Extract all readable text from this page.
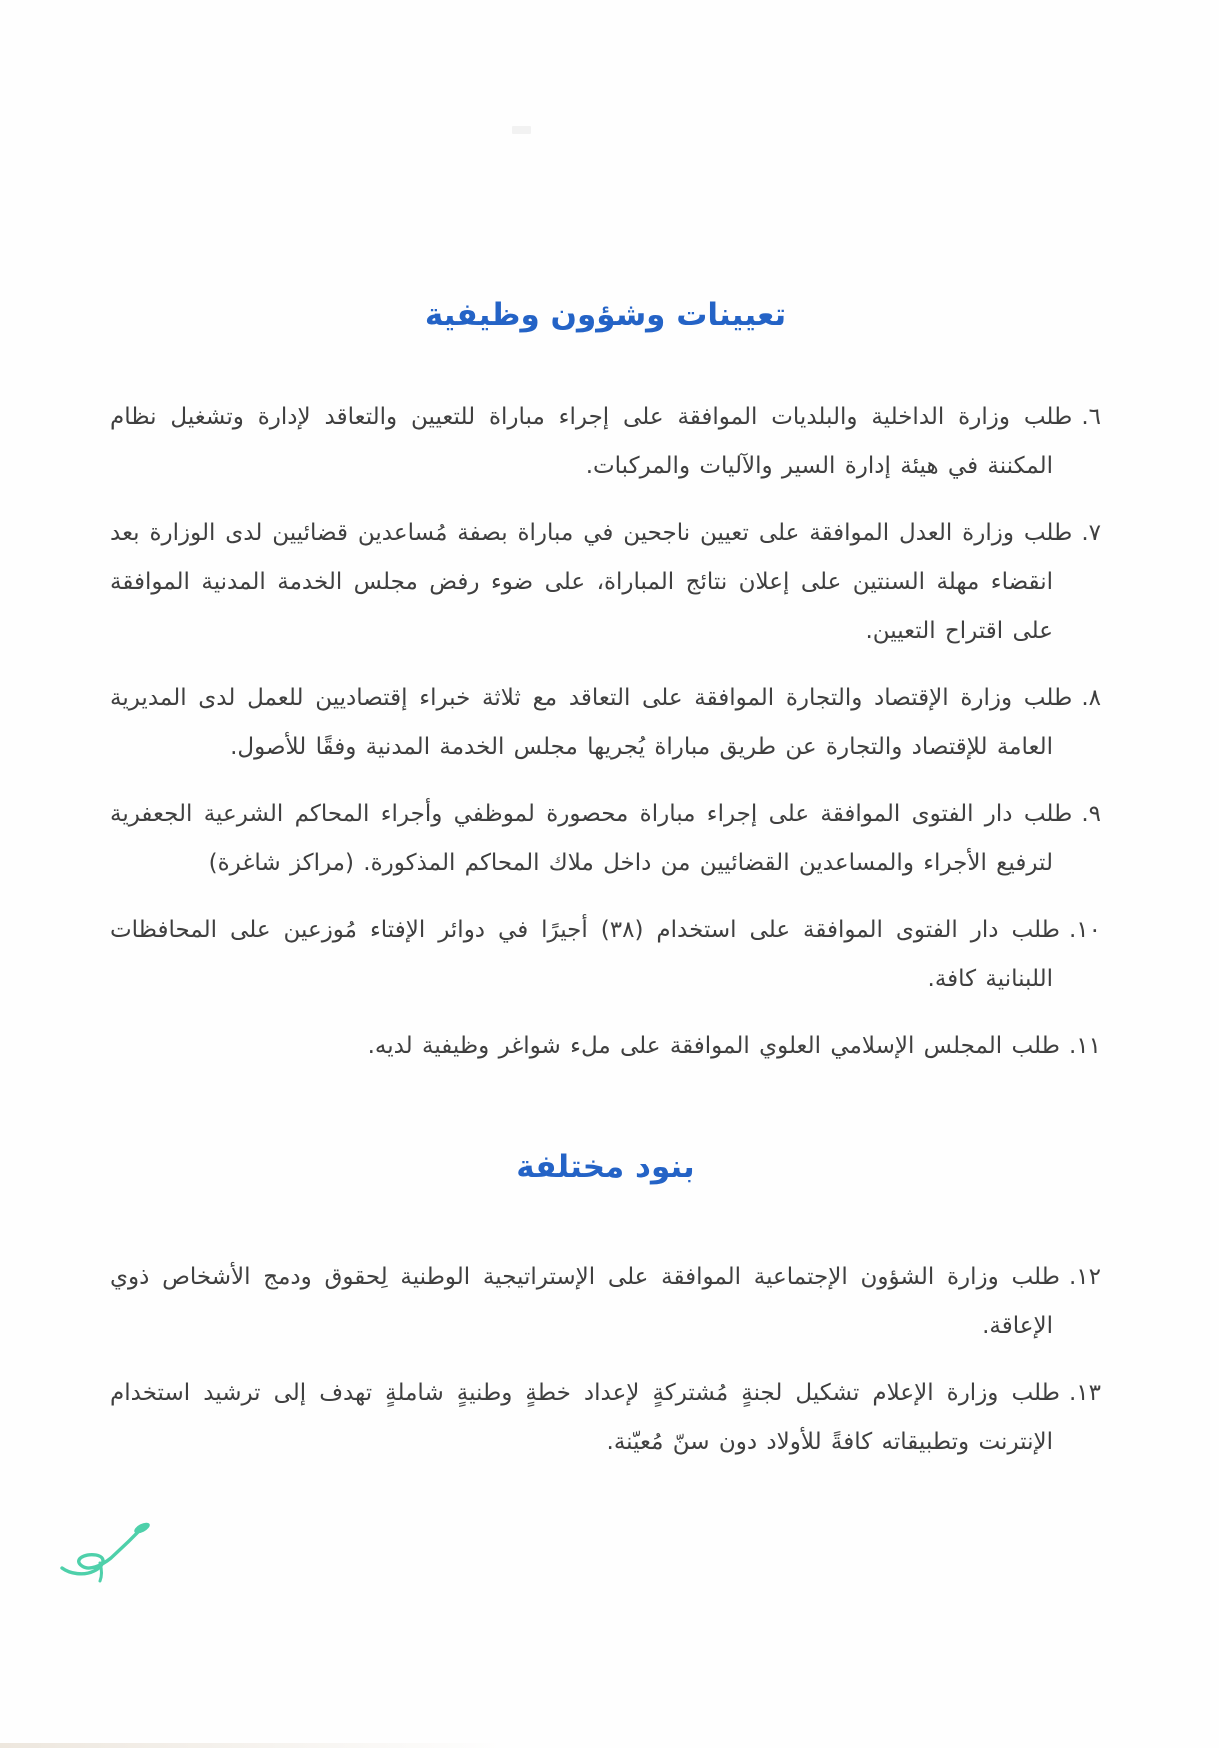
تعيينات وشؤون وظيفية

٦.طلب وزارة الداخلية والبلديات الموافقة على إجراء مباراة للتعيين والتعاقد لإدارة وتشغيل نظام المكننة في هيئة إدارة السير والآليات والمركبات.

٧.طلب وزارة العدل الموافقة على تعيين ناجحين في مباراة بصفة مُساعدين قضائيين لدى الوزارة بعد انقضاء مهلة السنتين على إعلان نتائج المباراة، على ضوء رفض مجلس الخدمة المدنية الموافقة على اقتراح التعيين.

٨.طلب وزارة الإقتصاد والتجارة الموافقة على التعاقد مع ثلاثة خبراء إقتصاديين للعمل لدى المديرية العامة للإقتصاد والتجارة عن طريق مباراة يُجريها مجلس الخدمة المدنية وفقًا للأصول.

٩.طلب دار الفتوى الموافقة على إجراء مباراة محصورة لموظفي وأجراء المحاكم الشرعية الجعفرية لترفيع الأجراء والمساعدين القضائيين من داخل ملاك المحاكم المذكورة. (مراكز شاغرة)

١٠.طلب دار الفتوى الموافقة على استخدام (٣٨) أجيرًا في دوائر الإفتاء مُوزعين على المحافظات اللبنانية كافة.

١١.طلب المجلس الإسلامي العلوي الموافقة على ملء شواغر وظيفية لديه.

بنود مختلفة

١٢.طلب وزارة الشؤون الإجتماعية الموافقة على الإستراتيجية الوطنية لِحقوق ودمج الأشخاص ذوي الإعاقة.

١٣.طلب وزارة الإعلام تشكيل لجنةٍ مُشتركةٍ لإعداد خطةٍ وطنيةٍ شاملةٍ تهدف إلى ترشيد استخدام الإنترنت وتطبيقاته كافةً للأولاد دون سنّ مُعيّنة.
